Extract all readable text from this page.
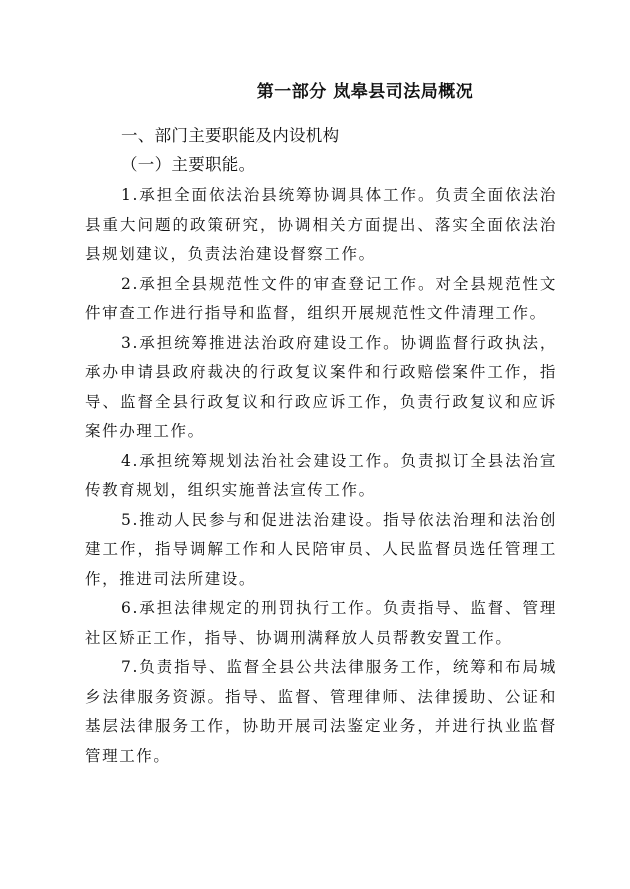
第一部分 岚皋县司法局概况
一、部门主要职能及内设机构
（一）主要职能。

1.承担全面依法治县统筹协调具体工作。负责全面依法治县重大问题的政策研究，协调相关方面提出、落实全面依法治县规划建议，负责法治建设督察工作。

2.承担全县规范性文件的审查登记工作。对全县规范性文件审查工作进行指导和监督，组织开展规范性文件清理工作。

3.承担统筹推进法治政府建设工作。协调监督行政执法，承办申请县政府裁决的行政复议案件和行政赔偿案件工作，指导、监督全县行政复议和行政应诉工作，负责行政复议和应诉案件办理工作。

4.承担统筹规划法治社会建设工作。负责拟订全县法治宣传教育规划，组织实施普法宣传工作。

5.推动人民参与和促进法治建设。指导依法治理和法治创建工作，指导调解工作和人民陪审员、人民监督员选任管理工作，推进司法所建设。

6.承担法律规定的刑罚执行工作。负责指导、监督、管理社区矫正工作，指导、协调刑满释放人员帮教安置工作。

7.负责指导、监督全县公共法律服务工作，统筹和布局城乡法律服务资源。指导、监督、管理律师、法律援助、公证和基层法律服务工作，协助开展司法鉴定业务，并进行执业监督管理工作。
